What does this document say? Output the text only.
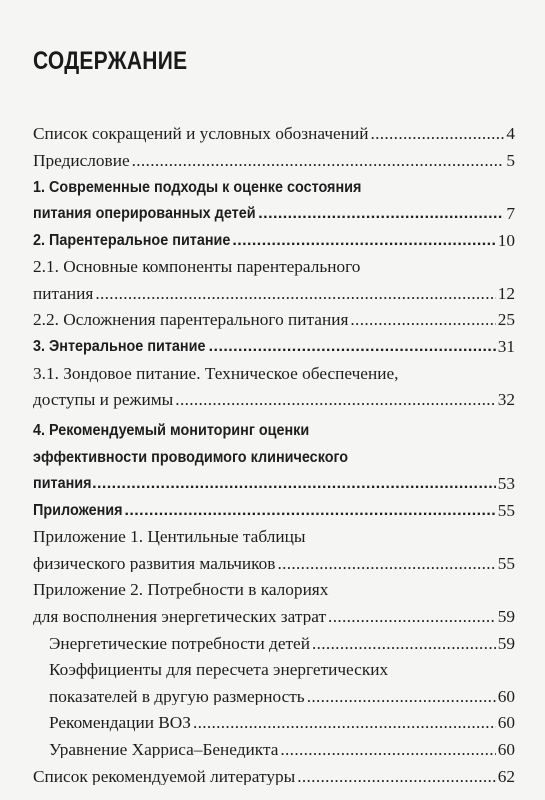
СОДЕРЖАНИЕ
Список сокращений и условных обозначений . . .	4
Предисловие . . .	5
1. Современные подходы к оценке состояния
питания оперированных детей . . .	7
2. Парентеральное питание . . .	10
2.1. Основные компоненты парентерального
питания . . .	12
2.2. Осложнения парентерального питания . . .	25
3. Энтеральное питание . . .	31
3.1. Зондовое питание. Техническое обеспечение,
доступы и режимы . . .	32
4. Рекомендуемый мониторинг оценки
эффективности проводимого клинического
питания . . .	53
Приложения . . .	55
Приложение 1. Центильные таблицы
физического развития мальчиков . . .	55
Приложение 2. Потребности в калориях
для восполнения энергетических затрат . . .	59
Энергетические потребности детей . . .	59
Коэффициенты для пересчета энергетических
показателей в другую размерность . . .	60
Рекомендации ВОЗ . . .	60
Уравнение Харриса–Бенедикта . . .	60
Список рекомендуемой литературы . . .	62
